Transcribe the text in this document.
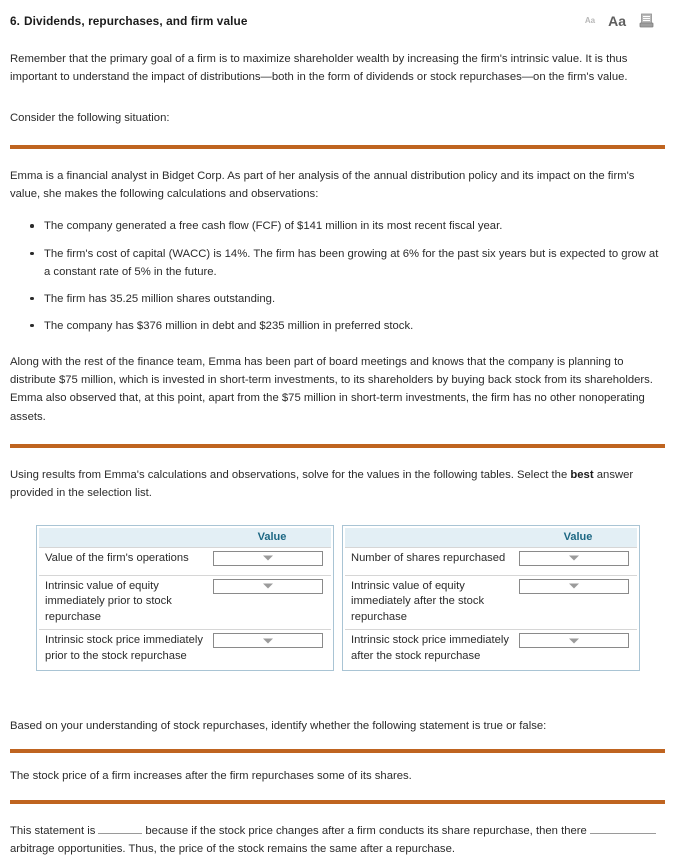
6. Dividends, repurchases, and firm value	Aa Aa

Remember that the primary goal of a firm is to maximize shareholder wealth by increasing the firm's intrinsic value. It is thus important to understand the impact of distributions—both in the form of dividends or stock repurchases—on the firm's value.

Consider the following situation:

Emma is a financial analyst in Bidget Corp. As part of her analysis of the annual distribution policy and its impact on the firm's value, she makes the following calculations and observations:

The company generated a free cash flow (FCF) of $141 million in its most recent fiscal year.
The firm's cost of capital (WACC) is 14%. The firm has been growing at 6% for the past six years but is expected to grow at a constant rate of 5% in the future.
The firm has 35.25 million shares outstanding.
The company has $376 million in debt and $235 million in preferred stock.

Along with the rest of the finance team, Emma has been part of board meetings and knows that the company is planning to distribute $75 million, which is invested in short-term investments, to its shareholders by buying back stock from its shareholders. Emma also observed that, at this point, apart from the $75 million in short-term investments, the firm has no other nonoperating assets.

Using results from Emma's calculations and observations, solve for the values in the following tables. Select the best answer provided in the selection list.

Value
Value of the firm's operations
Intrinsic value of equity immediately prior to stock repurchase
Intrinsic stock price immediately prior to the stock repurchase
Value
Number of shares repurchased
Intrinsic value of equity immediately after the stock repurchase
Intrinsic stock price immediately after the stock repurchase

Based on your understanding of stock repurchases, identify whether the following statement is true or false:

The stock price of a firm increases after the firm repurchases some of its shares.

This statement is	because if the stock price changes after a firm conducts its share repurchase, then therearbitrage opportunities. Thus, the price of the stock remains the same after a repurchase.
